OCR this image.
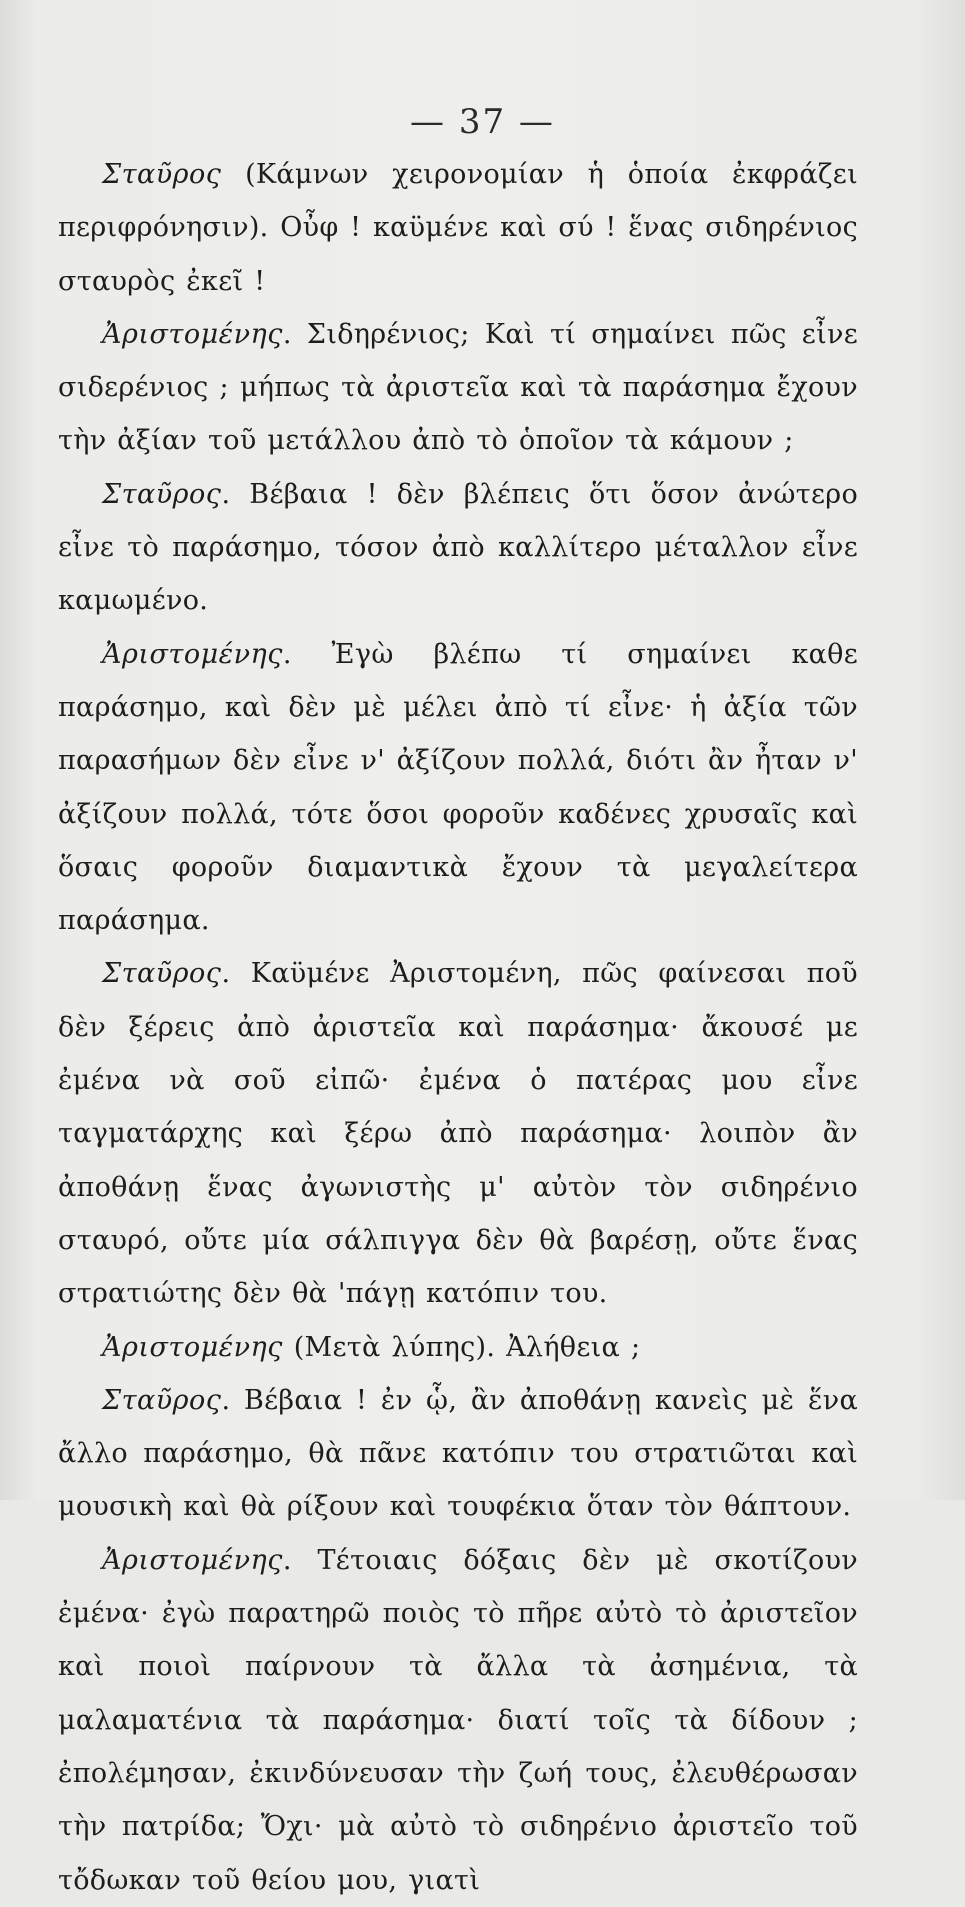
— 37 —

Σταῦρος (Κάμνων χειρονομίαν ἡ ὁποία ἐκφράζει περιφρόνησιν). Οὖφ ! καϋμένε καὶ σύ ! ἕνας σιδηρένιος σταυρὸς ἐκεῖ !

Ἀριστομένης. Σιδηρένιος; Καὶ τί σημαίνει πῶς εἶνε σιδερένιος ; μήπως τὰ ἀριστεῖα καὶ τὰ παράσημα ἔχουν τὴν ἀξίαν τοῦ μετάλλου ἀπὸ τὸ ὁποῖον τὰ κάμουν ;

Σταῦρος. Βέβαια ! δὲν βλέπεις ὅτι ὅσον ἀνώτερο εἶνε τὸ παράσημο, τόσον ἀπὸ καλλίτερο μέταλλον εἶνε καμωμένο.

Ἀριστομένης. Ἐγὼ βλέπω τί σημαίνει καθε παράσημο, καὶ δὲν μὲ μέλει ἀπὸ τί εἶνε· ἡ ἀξία τῶν παρασήμων δὲν εἶνε ν' ἀξίζουν πολλά, διότι ἂν ἦταν ν' ἀξίζουν πολλά, τότε ὅσοι φοροῦν καδένες χρυσαῖς καὶ ὅσαις φοροῦν διαμαντικὰ ἔχουν τὰ μεγαλείτερα παράσημα.

Σταῦρος. Καϋμένε Ἀριστομένη, πῶς φαίνεσαι ποῦ δὲν ξέρεις ἀπὸ ἀριστεῖα καὶ παράσημα· ἄκουσέ με ἐμένα νὰ σοῦ εἰπῶ· ἐμένα ὁ πατέρας μου εἶνε ταγματάρχης καὶ ξέρω ἀπὸ παράσημα· λοιπὸν ἂν ἀποθάνῃ ἕνας ἀγωνιστὴς μ' αὐτὸν τὸν σιδηρένιο σταυρό, οὔτε μία σάλπιγγα δὲν θὰ βαρέσῃ, οὔτε ἕνας στρατιώτης δὲν θὰ 'πάγῃ κατόπιν του.

Ἀριστομένης (Μετὰ λύπης). Ἀλήθεια ;

Σταῦρος. Βέβαια ! ἐν ᾧ, ἂν ἀποθάνῃ κανεὶς μὲ ἕνα ἄλλο παράσημο, θὰ πᾶνε κατόπιν του στρατιῶται καὶ μουσικὴ καὶ θὰ ρίξουν καὶ τουφέκια ὅταν τὸν θάπτουν.

Ἀριστομένης. Τέτοιαις δόξαις δὲν μὲ σκοτίζουν ἐμένα· ἐγὼ παρατηρῶ ποιὸς τὸ πῆρε αὐτὸ τὸ ἀριστεῖον καὶ ποιοὶ παίρνουν τὰ ἄλλα τὰ ἀσημένια, τὰ μαλαματένια τὰ παράσημα· διατί τοῖς τὰ δίδουν ; ἐπολέμησαν, ἐκινδύνευσαν τὴν ζωή τους, ἐλευθέρωσαν τὴν πατρίδα; Ὄχι· μὰ αὐτὸ τὸ σιδηρένιο ἀριστεῖο τοῦ τὄδωκαν τοῦ θείου μου, γιατὶ
